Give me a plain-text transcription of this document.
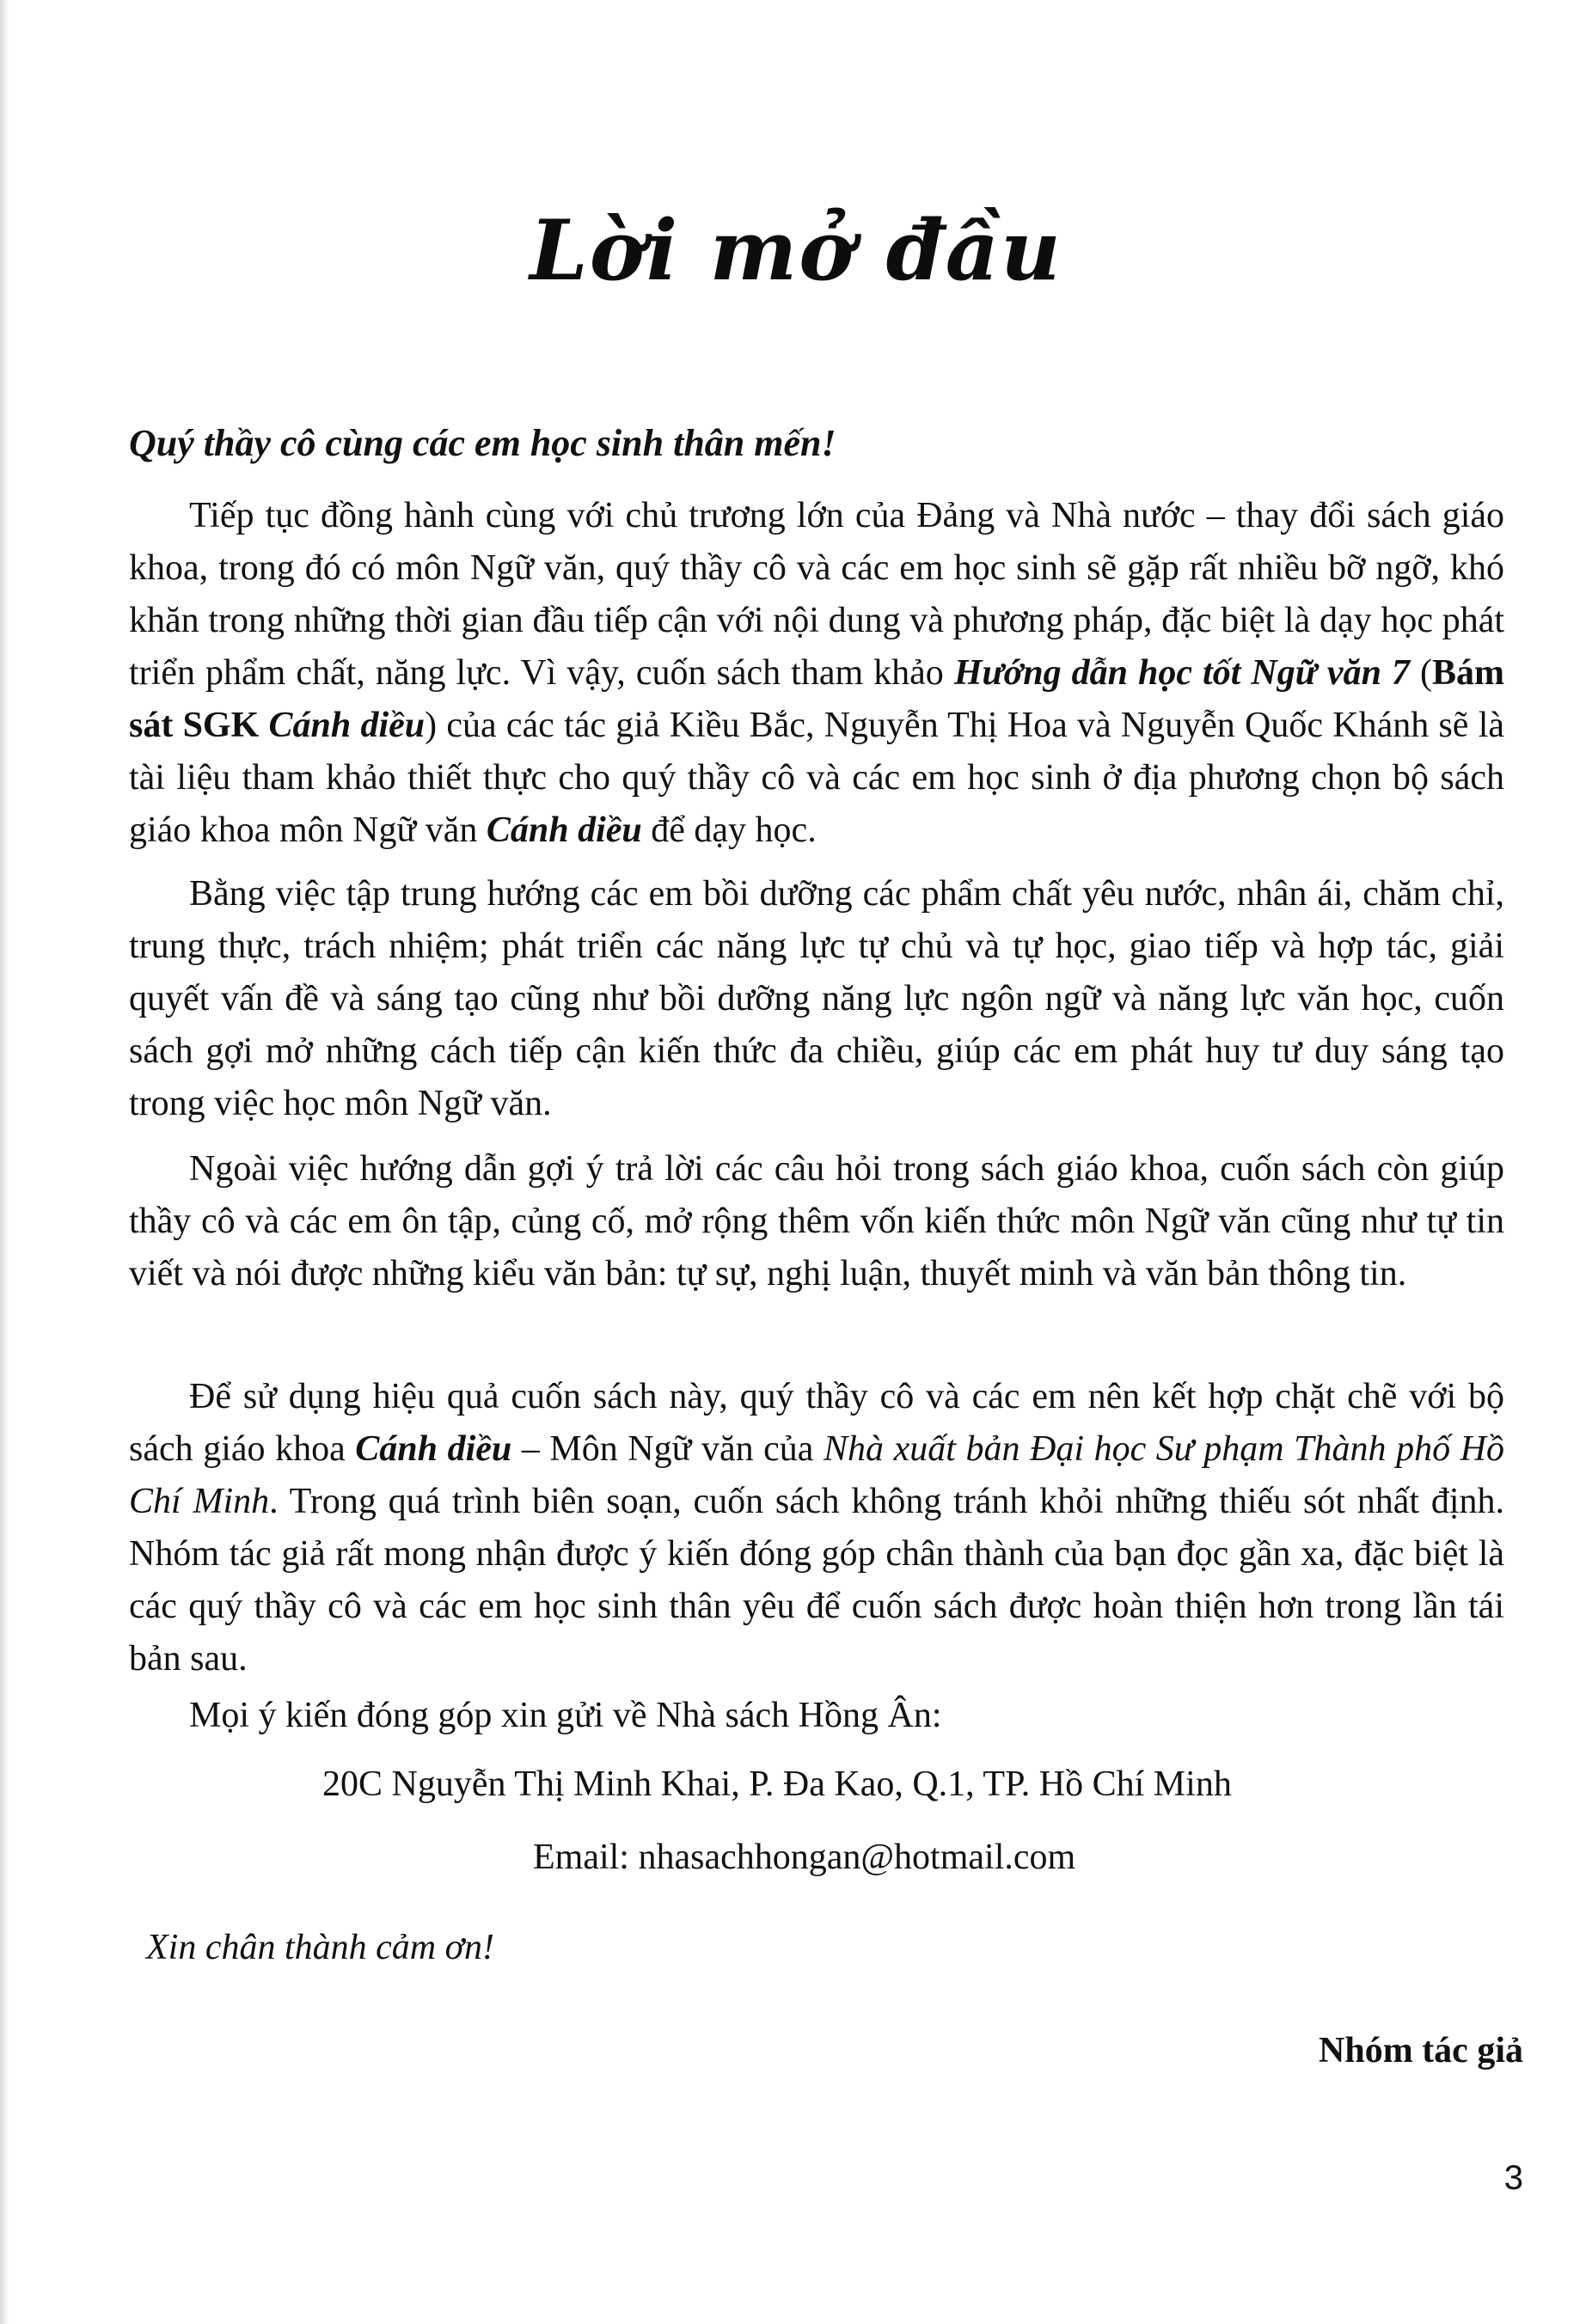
Lời mở đầu
Quý thầy cô cùng các em học sinh thân mến!

Tiếp tục đồng hành cùng với chủ trương lớn của Đảng và Nhà nước – thay đổi sách giáo khoa, trong đó có môn Ngữ văn, quý thầy cô và các em học sinh sẽ gặp rất nhiều bỡ ngỡ, khó khăn trong những thời gian đầu tiếp cận với nội dung và phương pháp, đặc biệt là dạy học phát triển phẩm chất, năng lực. Vì vậy, cuốn sách tham khảo Hướng dẫn học tốt Ngữ văn 7 (Bám sát SGK Cánh diều) của các tác giả Kiều Bắc, Nguyễn Thị Hoa và Nguyễn Quốc Khánh sẽ là tài liệu tham khảo thiết thực cho quý thầy cô và các em học sinh ở địa phương chọn bộ sách giáo khoa môn Ngữ văn Cánh diều để dạy học.

Bằng việc tập trung hướng các em bồi dưỡng các phẩm chất yêu nước, nhân ái, chăm chỉ, trung thực, trách nhiệm; phát triển các năng lực tự chủ và tự học, giao tiếp và hợp tác, giải quyết vấn đề và sáng tạo cũng như bồi dưỡng năng lực ngôn ngữ và năng lực văn học, cuốn sách gợi mở những cách tiếp cận kiến thức đa chiều, giúp các em phát huy tư duy sáng tạo trong việc học môn Ngữ văn.

Ngoài việc hướng dẫn gợi ý trả lời các câu hỏi trong sách giáo khoa, cuốn sách còn giúp thầy cô và các em ôn tập, củng cố, mở rộng thêm vốn kiến thức môn Ngữ văn cũng như tự tin viết và nói được những kiểu văn bản: tự sự, nghị luận, thuyết minh và văn bản thông tin.

Để sử dụng hiệu quả cuốn sách này, quý thầy cô và các em nên kết hợp chặt chẽ với bộ sách giáo khoa Cánh diều – Môn Ngữ văn của Nhà xuất bản Đại học Sư phạm Thành phố Hồ Chí Minh. Trong quá trình biên soạn, cuốn sách không tránh khỏi những thiếu sót nhất định. Nhóm tác giả rất mong nhận được ý kiến đóng góp chân thành của bạn đọc gần xa, đặc biệt là các quý thầy cô và các em học sinh thân yêu để cuốn sách được hoàn thiện hơn trong lần tái bản sau.

Mọi ý kiến đóng góp xin gửi về Nhà sách Hồng Ân:
20C Nguyễn Thị Minh Khai, P. Đa Kao, Q.1, TP. Hồ Chí Minh
Email: nhasachhongan@hotmail.com
Xin chân thành cảm ơn!
Nhóm tác giả
3
